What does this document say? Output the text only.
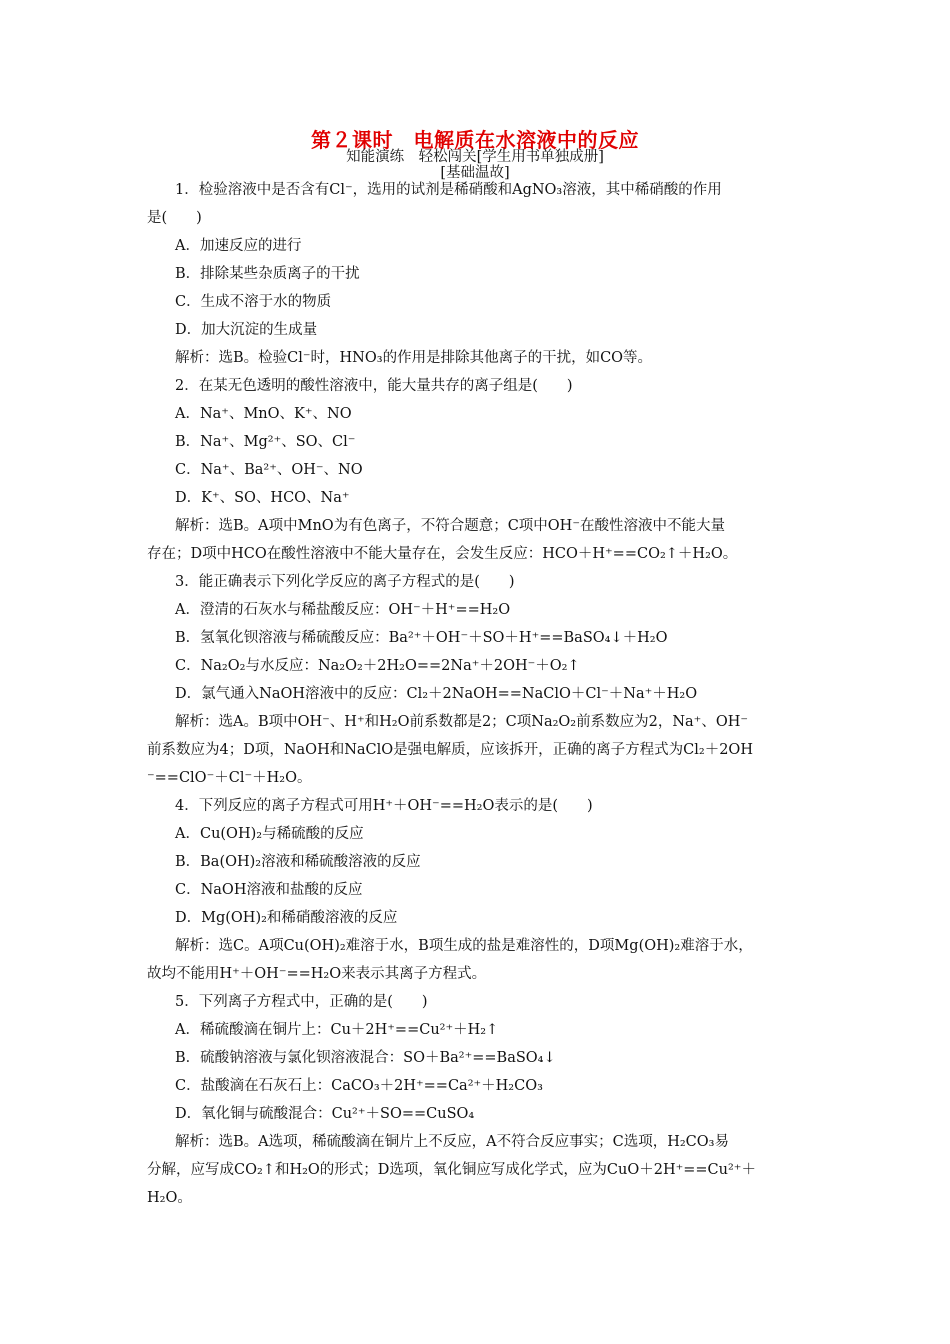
第２课时　电解质在水溶液中的反应
知能演练　轻松闯关[学生用书单独成册]
[基础温故]
1．检验溶液中是否含有Cl⁻，选用的试剂是稀硝酸和AgNO₃溶液，其中稀硝酸的作用
是(　　)
A．加速反应的进行
B．排除某些杂质离子的干扰
C．生成不溶于水的物质
D．加大沉淀的生成量
解析：选B。检验Cl⁻时，HNO₃的作用是排除其他离子的干扰，如CO等。
2．在某无色透明的酸性溶液中，能大量共存的离子组是(　　)
A．Na⁺、MnO、K⁺、NO
B．Na⁺、Mg²⁺、SO、Cl⁻
C．Na⁺、Ba²⁺、OH⁻、NO
D．K⁺、SO、HCO、Na⁺
解析：选B。A项中MnO为有色离子，不符合题意；C项中OH⁻在酸性溶液中不能大量
存在；D项中HCO在酸性溶液中不能大量存在，会发生反应：HCO＋H⁺==CO₂↑＋H₂O。
3．能正确表示下列化学反应的离子方程式的是(　　)
A．澄清的石灰水与稀盐酸反应：OH⁻＋H⁺==H₂O
B．氢氧化钡溶液与稀硫酸反应：Ba²⁺＋OH⁻＋SO＋H⁺==BaSO₄↓＋H₂O
C．Na₂O₂与水反应：Na₂O₂＋2H₂O==2Na⁺＋2OH⁻＋O₂↑
D．氯气通入NaOH溶液中的反应：Cl₂＋2NaOH==NaClO＋Cl⁻＋Na⁺＋H₂O
解析：选A。B项中OH⁻、H⁺和H₂O前系数都是2；C项Na₂O₂前系数应为2，Na⁺、OH⁻
前系数应为4；D项，NaOH和NaClO是强电解质，应该拆开，正确的离子方程式为Cl₂＋2OH
⁻==ClO⁻＋Cl⁻＋H₂O。
4．下列反应的离子方程式可用H⁺＋OH⁻==H₂O表示的是(　　)
A．Cu(OH)₂与稀硫酸的反应
B．Ba(OH)₂溶液和稀硫酸溶液的反应
C．NaOH溶液和盐酸的反应
D．Mg(OH)₂和稀硝酸溶液的反应
解析：选C。A项Cu(OH)₂难溶于水，B项生成的盐是难溶性的，D项Mg(OH)₂难溶于水，
故均不能用H⁺＋OH⁻==H₂O来表示其离子方程式。
5．下列离子方程式中，正确的是(　　)
A．稀硫酸滴在铜片上：Cu＋2H⁺==Cu²⁺＋H₂↑
B．硫酸钠溶液与氯化钡溶液混合：SO＋Ba²⁺==BaSO₄↓
C．盐酸滴在石灰石上：CaCO₃＋2H⁺==Ca²⁺＋H₂CO₃
D．氧化铜与硫酸混合：Cu²⁺＋SO==CuSO₄
解析：选B。A选项，稀硫酸滴在铜片上不反应，A不符合反应事实；C选项，H₂CO₃易
分解，应写成CO₂↑和H₂O的形式；D选项，氧化铜应写成化学式，应为CuO＋2H⁺==Cu²⁺＋
H₂O。
